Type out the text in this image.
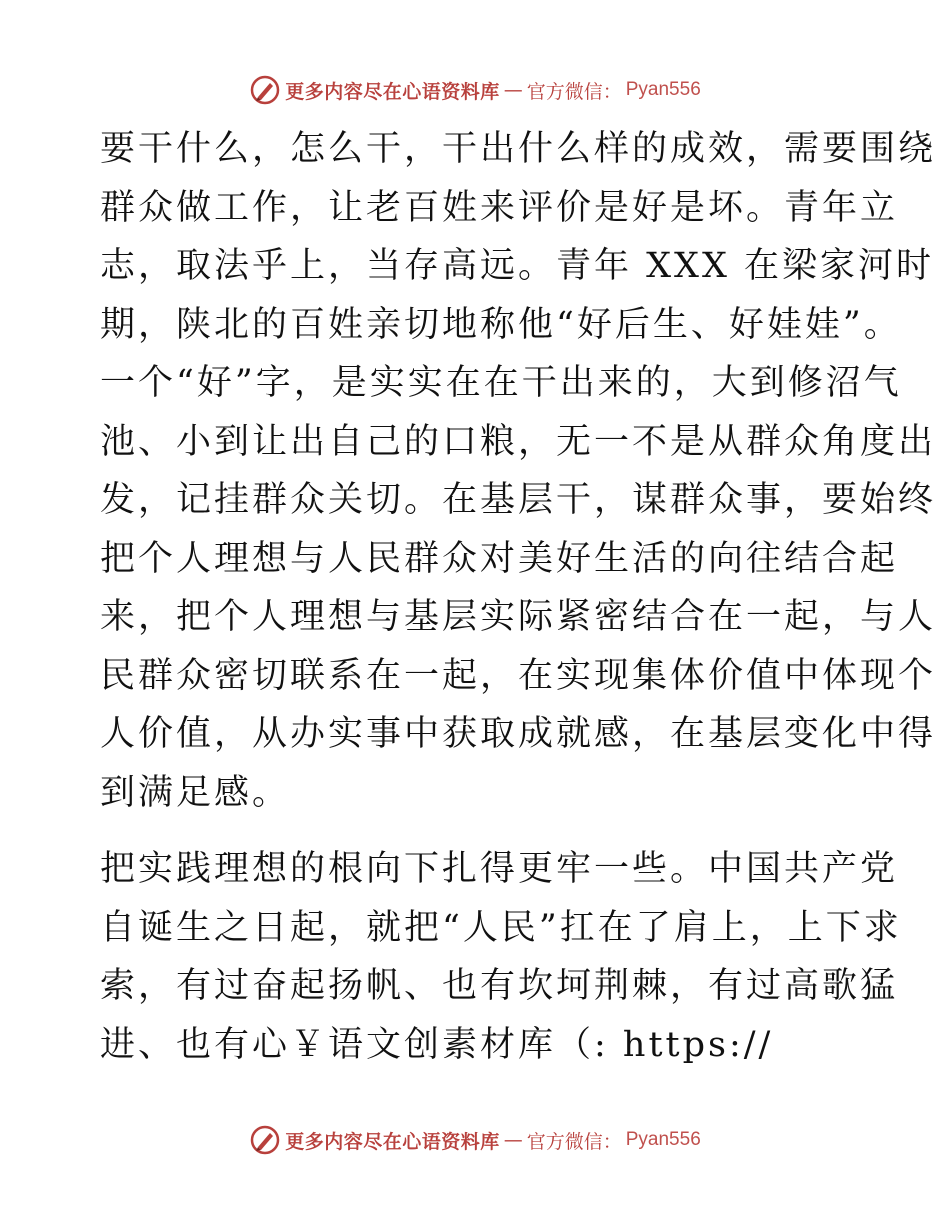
更多内容尽在心语资料库 — 官方微信： Pyan556
要干什么，怎么干，干出什么样的成效，需要围绕
群众做工作，让老百姓来评价是好是坏。青年立
志，取法乎上，当存高远。青年 XXX 在梁家河时
期，陕北的百姓亲切地称他“好后生、好娃娃”。
一个“好”字，是实实在在干出来的，大到修沼气
池、小到让出自己的口粮，无一不是从群众角度出
发，记挂群众关切。在基层干，谋群众事，要始终
把个人理想与人民群众对美好生活的向往结合起
来，把个人理想与基层实际紧密结合在一起，与人
民群众密切联系在一起，在实现集体价值中体现个
人价值，从办实事中获取成就感，在基层变化中得
到满足感。
把实践理想的根向下扎得更牢一些。中国共产党
自诞生之日起，就把“人民”扛在了肩上，上下求
索，有过奋起扬帆、也有坎坷荆棘，有过高歌猛
进、也有心￥语文创素材库（: https://
更多内容尽在心语资料库 — 官方微信： Pyan556
